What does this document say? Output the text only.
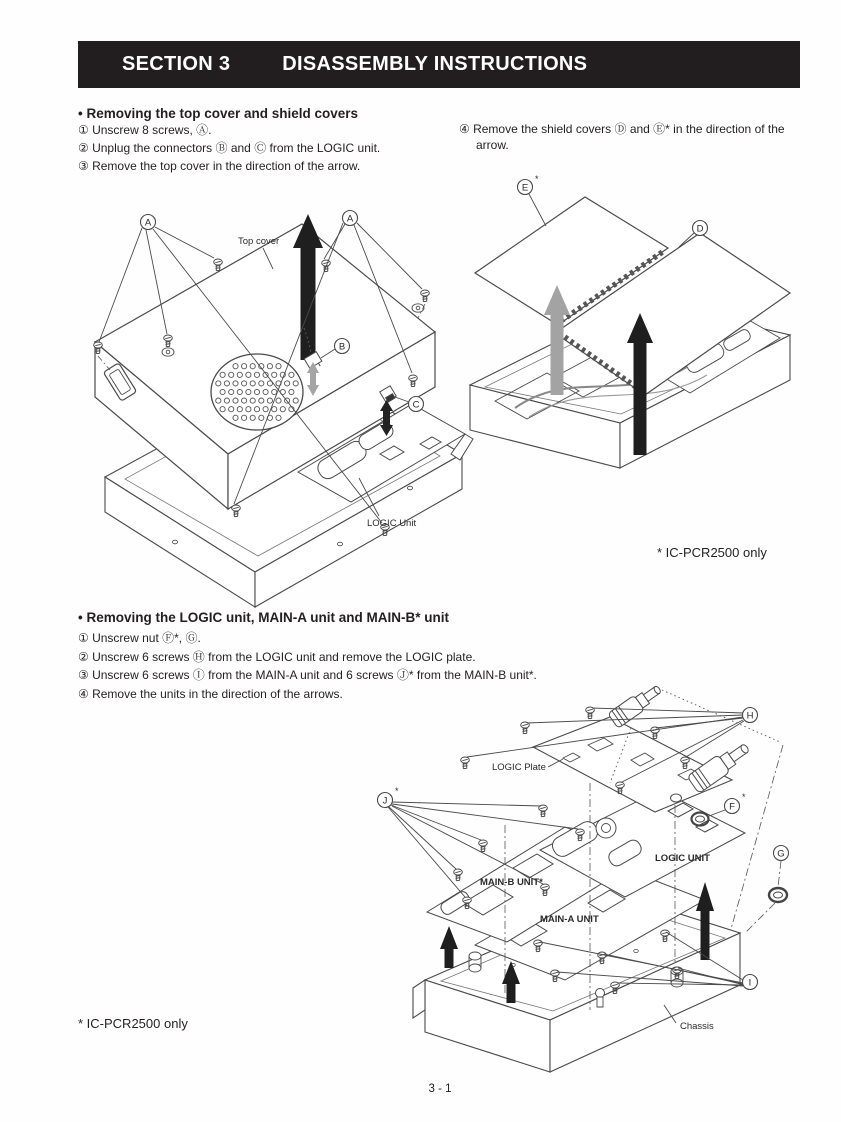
SECTION 3	DISASSEMBLY INSTRUCTIONS
• Removing the top cover and shield covers
① Unscrew 8 screws, Ⓐ.
② Unplug the connectors Ⓑ and Ⓒ from the LOGIC unit.
③ Remove the top cover in the direction of the arrow.
④ Remove the shield covers Ⓓ and Ⓔ* in the direction of the arrow.
A	A
B
C
Top cover
LOGIC Unit
E
*
D
* IC-PCR2500 only
• Removing the LOGIC unit, MAIN-A unit and MAIN-B* unit
① Unscrew nut Ⓕ*, Ⓖ.
② Unscrew 6 screws Ⓗ from the LOGIC unit and remove the LOGIC plate.
③ Unscrew 6 screws Ⓘ from the MAIN-A unit and 6 screws Ⓙ* from the MAIN-B unit*.
④ Remove the units in the direction of the arrows.
H
J
*
F
*
G
I
LOGIC Plate
LOGIC UNIT
MAIN-B UNIT*
MAIN-A UNIT
Chassis
* IC-PCR2500 only
3 - 1
